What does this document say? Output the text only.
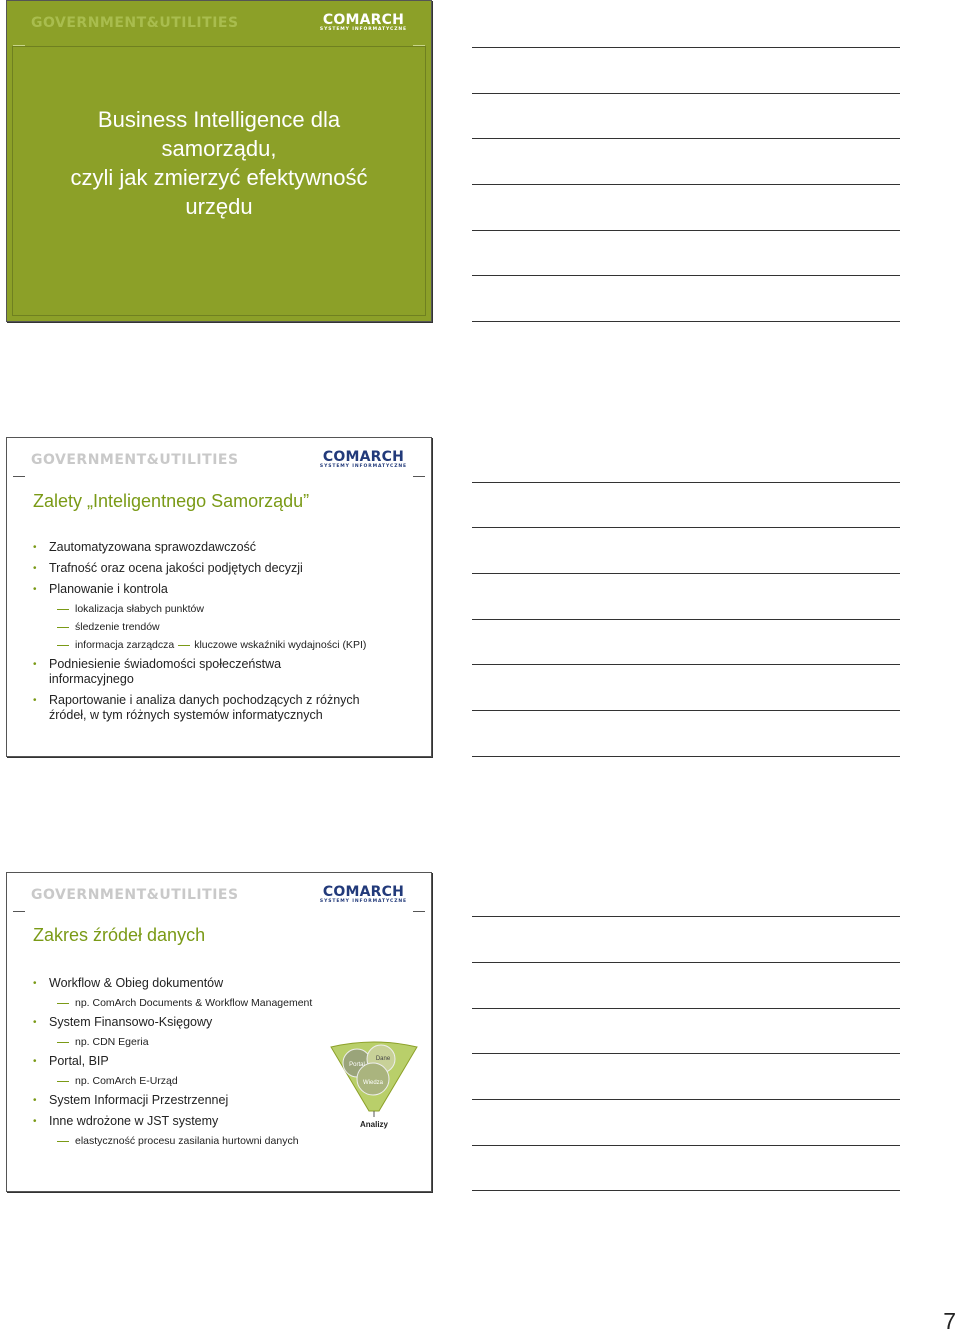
GOVERNMENT&UTILITIES	COMARCH
SYSTEMY INFORMATYCZNE
Business Intelligence dla
samorządu,
czyli jak zmierzyć efektywność
urzędu
GOVERNMENT&UTILITIES	COMARCH
SYSTEMY INFORMATYCZNE
Zalety „Inteligentnego Samorządu”
• Zautomatyzowana sprawozdawczość
• Trafność oraz ocena jakości podjętych decyzji
• Planowanie i kontrola
lokalizacja słabych punktów
śledzenie trendów
informacja zarządcza kluczowe wskaźniki wydajności (KPI)
• Podniesienie świadomości społeczeństwa informacyjnego
• Raportowanie i analiza danych pochodzących z różnych źródeł, w tym różnych systemów informatycznych
GOVERNMENT&UTILITIES	COMARCH
SYSTEMY INFORMATYCZNE
Zakres źródeł danych
• Workflow & Obieg dokumentów
np. ComArch Documents & Workflow Management
• System Finansowo-Księgowy
np. CDN Egeria
• Portal, BIP
np. ComArch E-Urząd
• System Informacji Przestrzennej
• Inne wdrożone w JST systemy
elastyczność procesu zasilania hurtowni danych
Portal
Dane
Wiedza
Analizy
7
